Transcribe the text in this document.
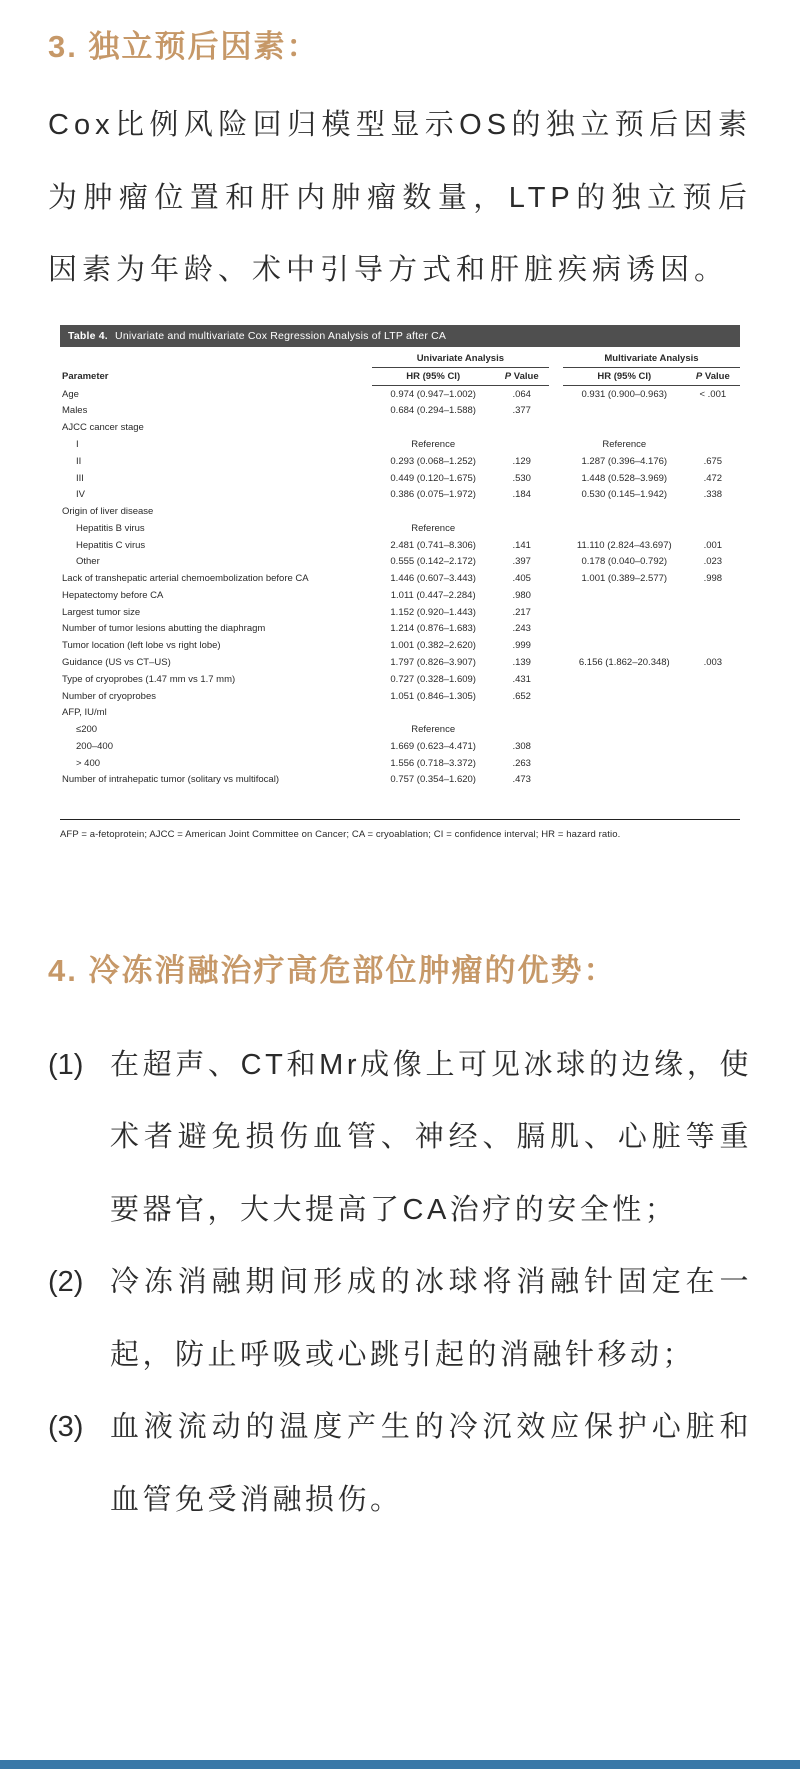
3. 独立预后因素：
Cox比例风险回归模型显示OS的独立预后因素为肿瘤位置和肝内肿瘤数量，LTP的独立预后因素为年龄、术中引导方式和肝脏疾病诱因。
Table 4. Univariate and multivariate Cox Regression Analysis of LTP after CA
Parameter	Univariate Analysis			Multivariate Analysis	
	HR (95% CI)	P Value		HR (95% CI)	P Value
Age	0.974 (0.947–1.002)	.064		0.931 (0.900–0.963)	< .001
Males	0.684 (0.294–1.588)	.377			
AJCC cancer stage					
I	Reference			Reference	
II	0.293 (0.068–1.252)	.129		1.287 (0.396–4.176)	.675
III	0.449 (0.120–1.675)	.530		1.448 (0.528–3.969)	.472
IV	0.386 (0.075–1.972)	.184		0.530 (0.145–1.942)	.338
Origin of liver disease					
Hepatitis B virus	Reference				
Hepatitis C virus	2.481 (0.741–8.306)	.141		11.110 (2.824–43.697)	.001
Other	0.555 (0.142–2.172)	.397		0.178 (0.040–0.792)	.023
Lack of transhepatic arterial chemoembolization before CA	1.446 (0.607–3.443)	.405		1.001 (0.389–2.577)	.998
Hepatectomy before CA	1.011 (0.447–2.284)	.980			
Largest tumor size	1.152 (0.920–1.443)	.217			
Number of tumor lesions abutting the diaphragm	1.214 (0.876–1.683)	.243			
Tumor location (left lobe vs right lobe)	1.001 (0.382–2.620)	.999			
Guidance (US vs CT–US)	1.797 (0.826–3.907)	.139		6.156 (1.862–20.348)	.003
Type of cryoprobes (1.47 mm vs 1.7 mm)	0.727 (0.328–1.609)	.431			
Number of cryoprobes	1.051 (0.846–1.305)	.652			
AFP, IU/ml					
≤200	Reference				
200–400	1.669 (0.623–4.471)	.308			
> 400	1.556 (0.718–3.372)	.263			
Number of intrahepatic tumor (solitary vs multifocal)	0.757 (0.354–1.620)	.473			
AFP = a-fetoprotein; AJCC = American Joint Committee on Cancer; CA = cryoablation; CI = confidence interval; HR = hazard ratio.
4. 冷冻消融治疗高危部位肿瘤的优势：
(1) 在超声、CT和Mr成像上可见冰球的边缘，使术者避免损伤血管、神经、膈肌、心脏等重要器官，大大提高了CA治疗的安全性；
(2) 冷冻消融期间形成的冰球将消融针固定在一起，防止呼吸或心跳引起的消融针移动；
(3) 血液流动的温度产生的冷沉效应保护心脏和血管免受消融损伤。
